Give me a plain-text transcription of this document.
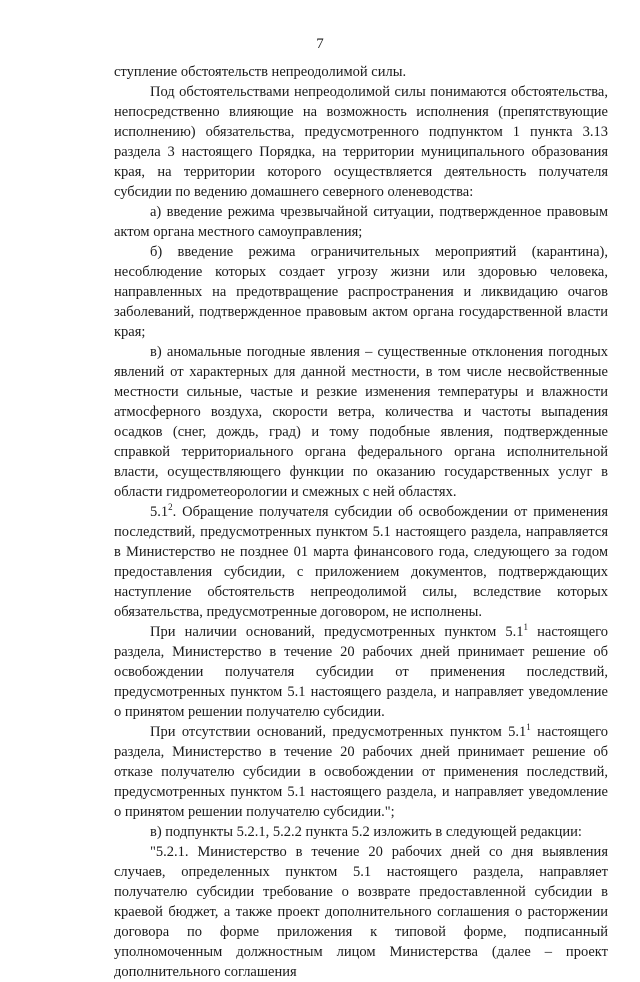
7

ступление обстоятельств непреодолимой силы.

Под обстоятельствами непреодолимой силы понимаются обстоятельства, непосредственно влияющие на возможность исполнения (препятствующие исполнению) обязательства, предусмотренного подпунктом 1 пункта 3.13 раздела 3 настоящего Порядка, на территории муниципального образования края, на территории которого осуществляется деятельность получателя субсидии по ведению домашнего северного оленеводства:

а) введение режима чрезвычайной ситуации, подтвержденное правовым актом органа местного самоуправления;

б) введение режима ограничительных мероприятий (карантина), несоблюдение которых создает угрозу жизни или здоровью человека, направленных на предотвращение распространения и ликвидацию очагов заболеваний, подтвержденное правовым актом органа государственной власти края;

в) аномальные погодные явления – существенные отклонения погодных явлений от характерных для данной местности, в том числе несвойственные местности сильные, частые и резкие изменения температуры и влажности атмосферного воздуха, скорости ветра, количества и частоты выпадения осадков (снег, дождь, град) и тому подобные явления, подтвержденные справкой территориального органа федерального органа исполнительной власти, осуществляющего функции по оказанию государственных услуг в области гидрометеорологии и смежных с ней областях.

$5.1^2$. Обращение получателя субсидии об освобождении от применения последствий, предусмотренных пунктом 5.1 настоящего раздела, направляется в Министерство не позднее 01 марта финансового года, следующего за годом предоставления субсидии, с приложением документов, подтверждающих наступление обстоятельств непреодолимой силы, вследствие которых обязательства, предусмотренные договором, не исполнены.

При наличии оснований, предусмотренных пунктом $5.1^1$ настоящего раздела, Министерство в течение 20 рабочих дней принимает решение об освобождении получателя субсидии от применения последствий, предусмотренных пунктом 5.1 настоящего раздела, и направляет уведомление о принятом решении получателю субсидии.

При отсутствии оснований, предусмотренных пунктом $5.1^1$ настоящего раздела, Министерство в течение 20 рабочих дней принимает решение об отказе получателю субсидии в освобождении от применения последствий, предусмотренных пунктом 5.1 настоящего раздела, и направляет уведомление о принятом решении получателю субсидии.";

в) подпункты 5.2.1, 5.2.2 пункта 5.2 изложить в следующей редакции:

"5.2.1. Министерство в течение 20 рабочих дней со дня выявления случаев, определенных пунктом 5.1 настоящего раздела, направляет получателю субсидии требование о возврате предоставленной субсидии в краевой бюджет, а также проект дополнительного соглашения о расторжении договора по форме приложения к типовой форме, подписанный уполномоченным должностным лицом Министерства (далее – проект дополнительного соглашения
